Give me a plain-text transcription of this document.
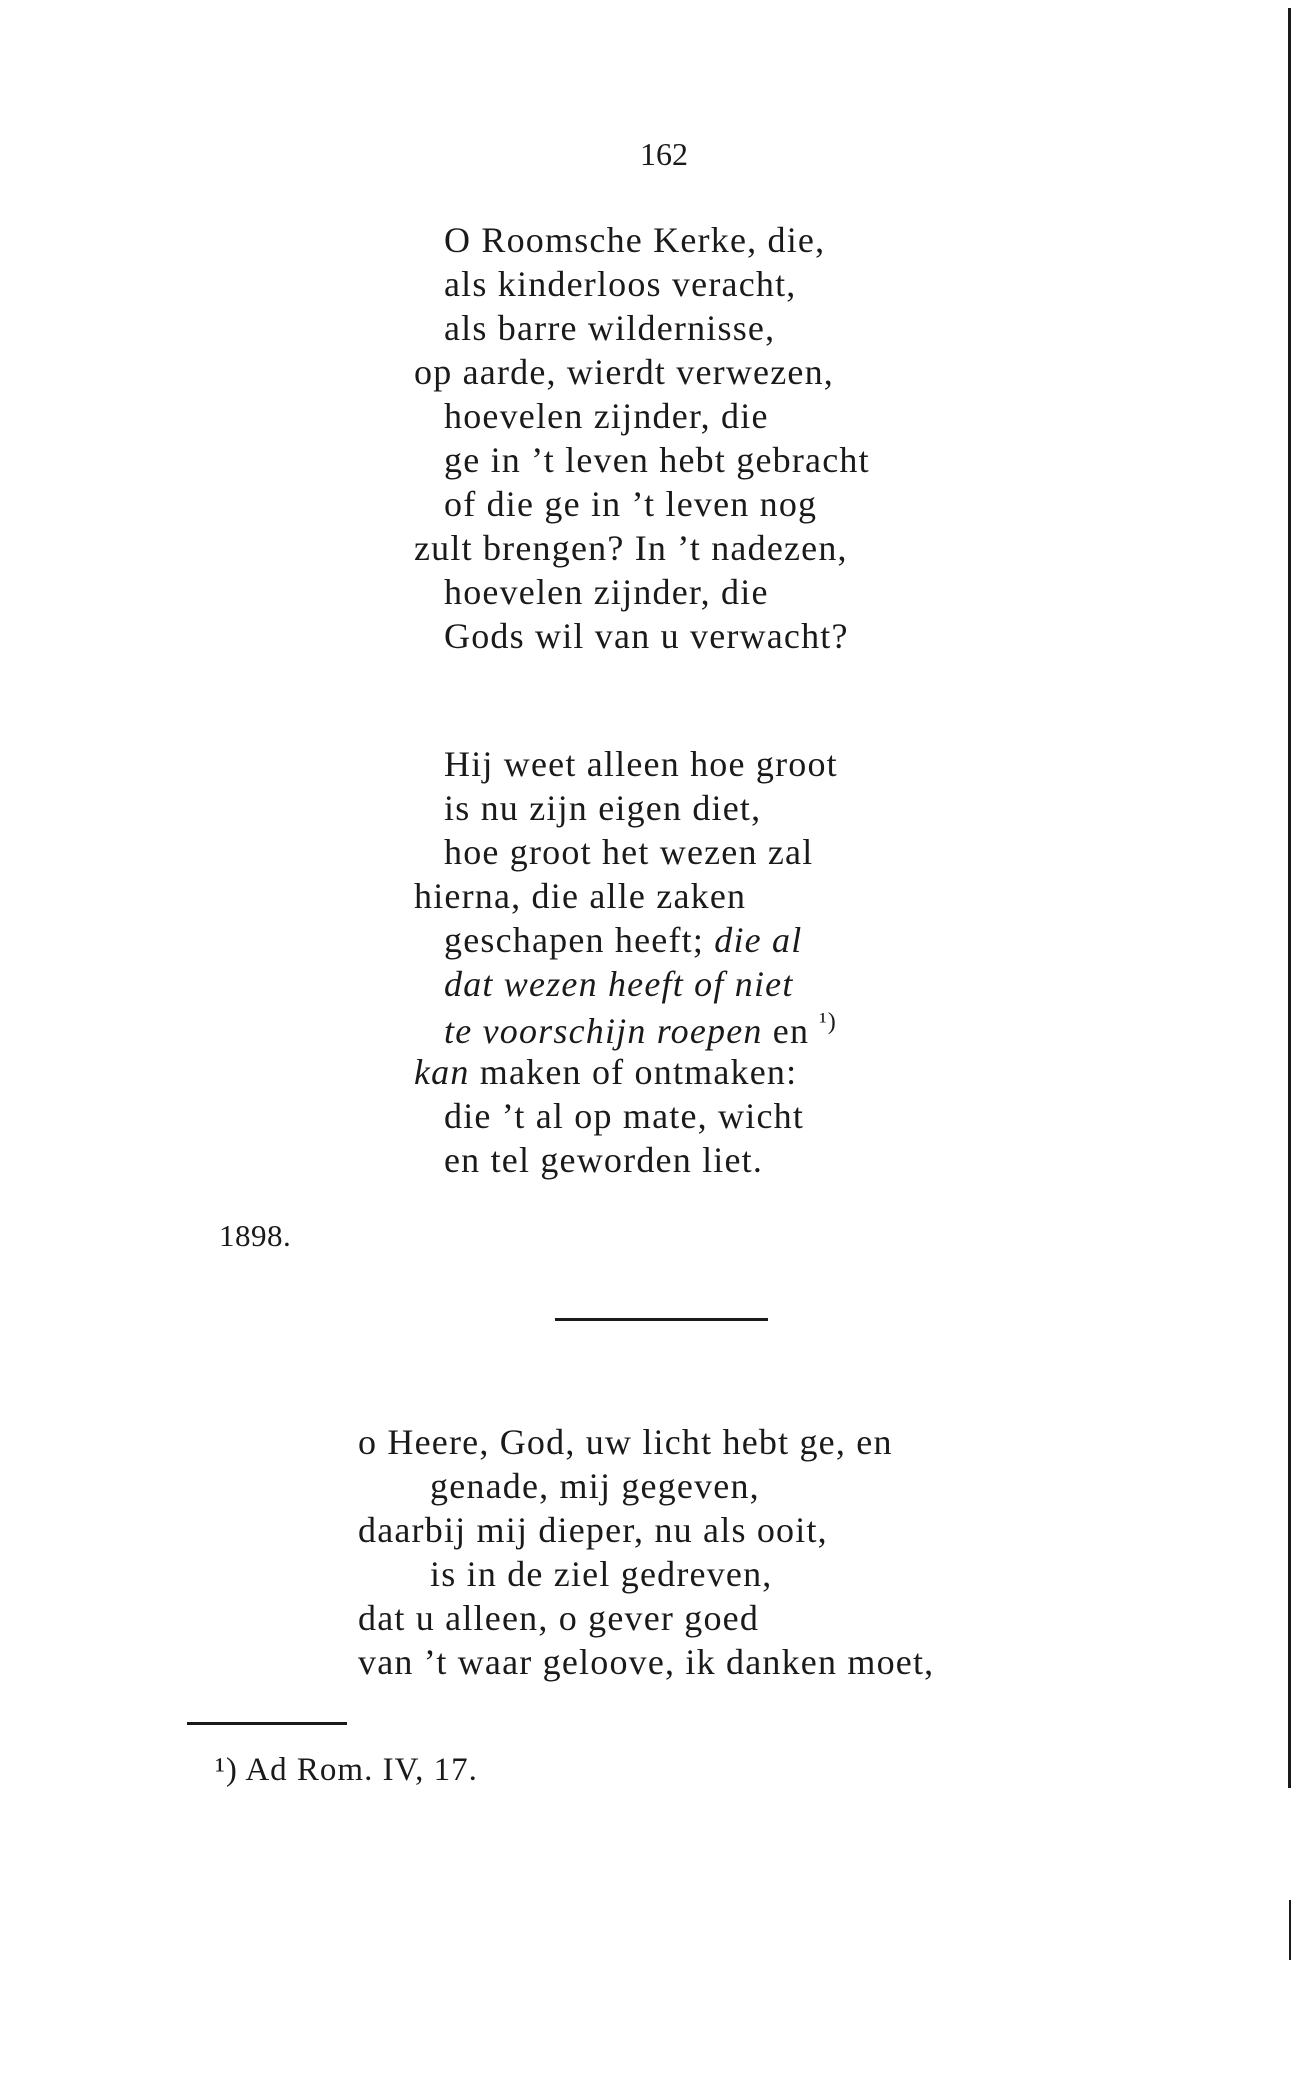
162
O Roomsche Kerke, die,
als kinderloos veracht,
als barre wildernisse,
op aarde, wierdt verwezen,
hoevelen zijnder, die
ge in ’t leven hebt gebracht
of die ge in ’t leven nog
zult brengen? In ’t nadezen,
hoevelen zijnder, die
Gods wil van u verwacht?
Hij weet alleen hoe groot
is nu zijn eigen diet,
hoe groot het wezen zal
hierna, die alle zaken
geschapen heeft; die al
dat wezen heeft of niet
te voorschijn roepen en $^{^1)}$
kan maken of ontmaken:
die ’t al op mate, wicht
en tel geworden liet.
1898.
o Heere, God, uw licht hebt ge, en
genade, mij gegeven,
daarbij mij dieper, nu als ooit,
is in de ziel gedreven,
dat u alleen, o gever goed
van ’t waar geloove, ik danken moet,
¹) Ad Rom. IV, 17.
